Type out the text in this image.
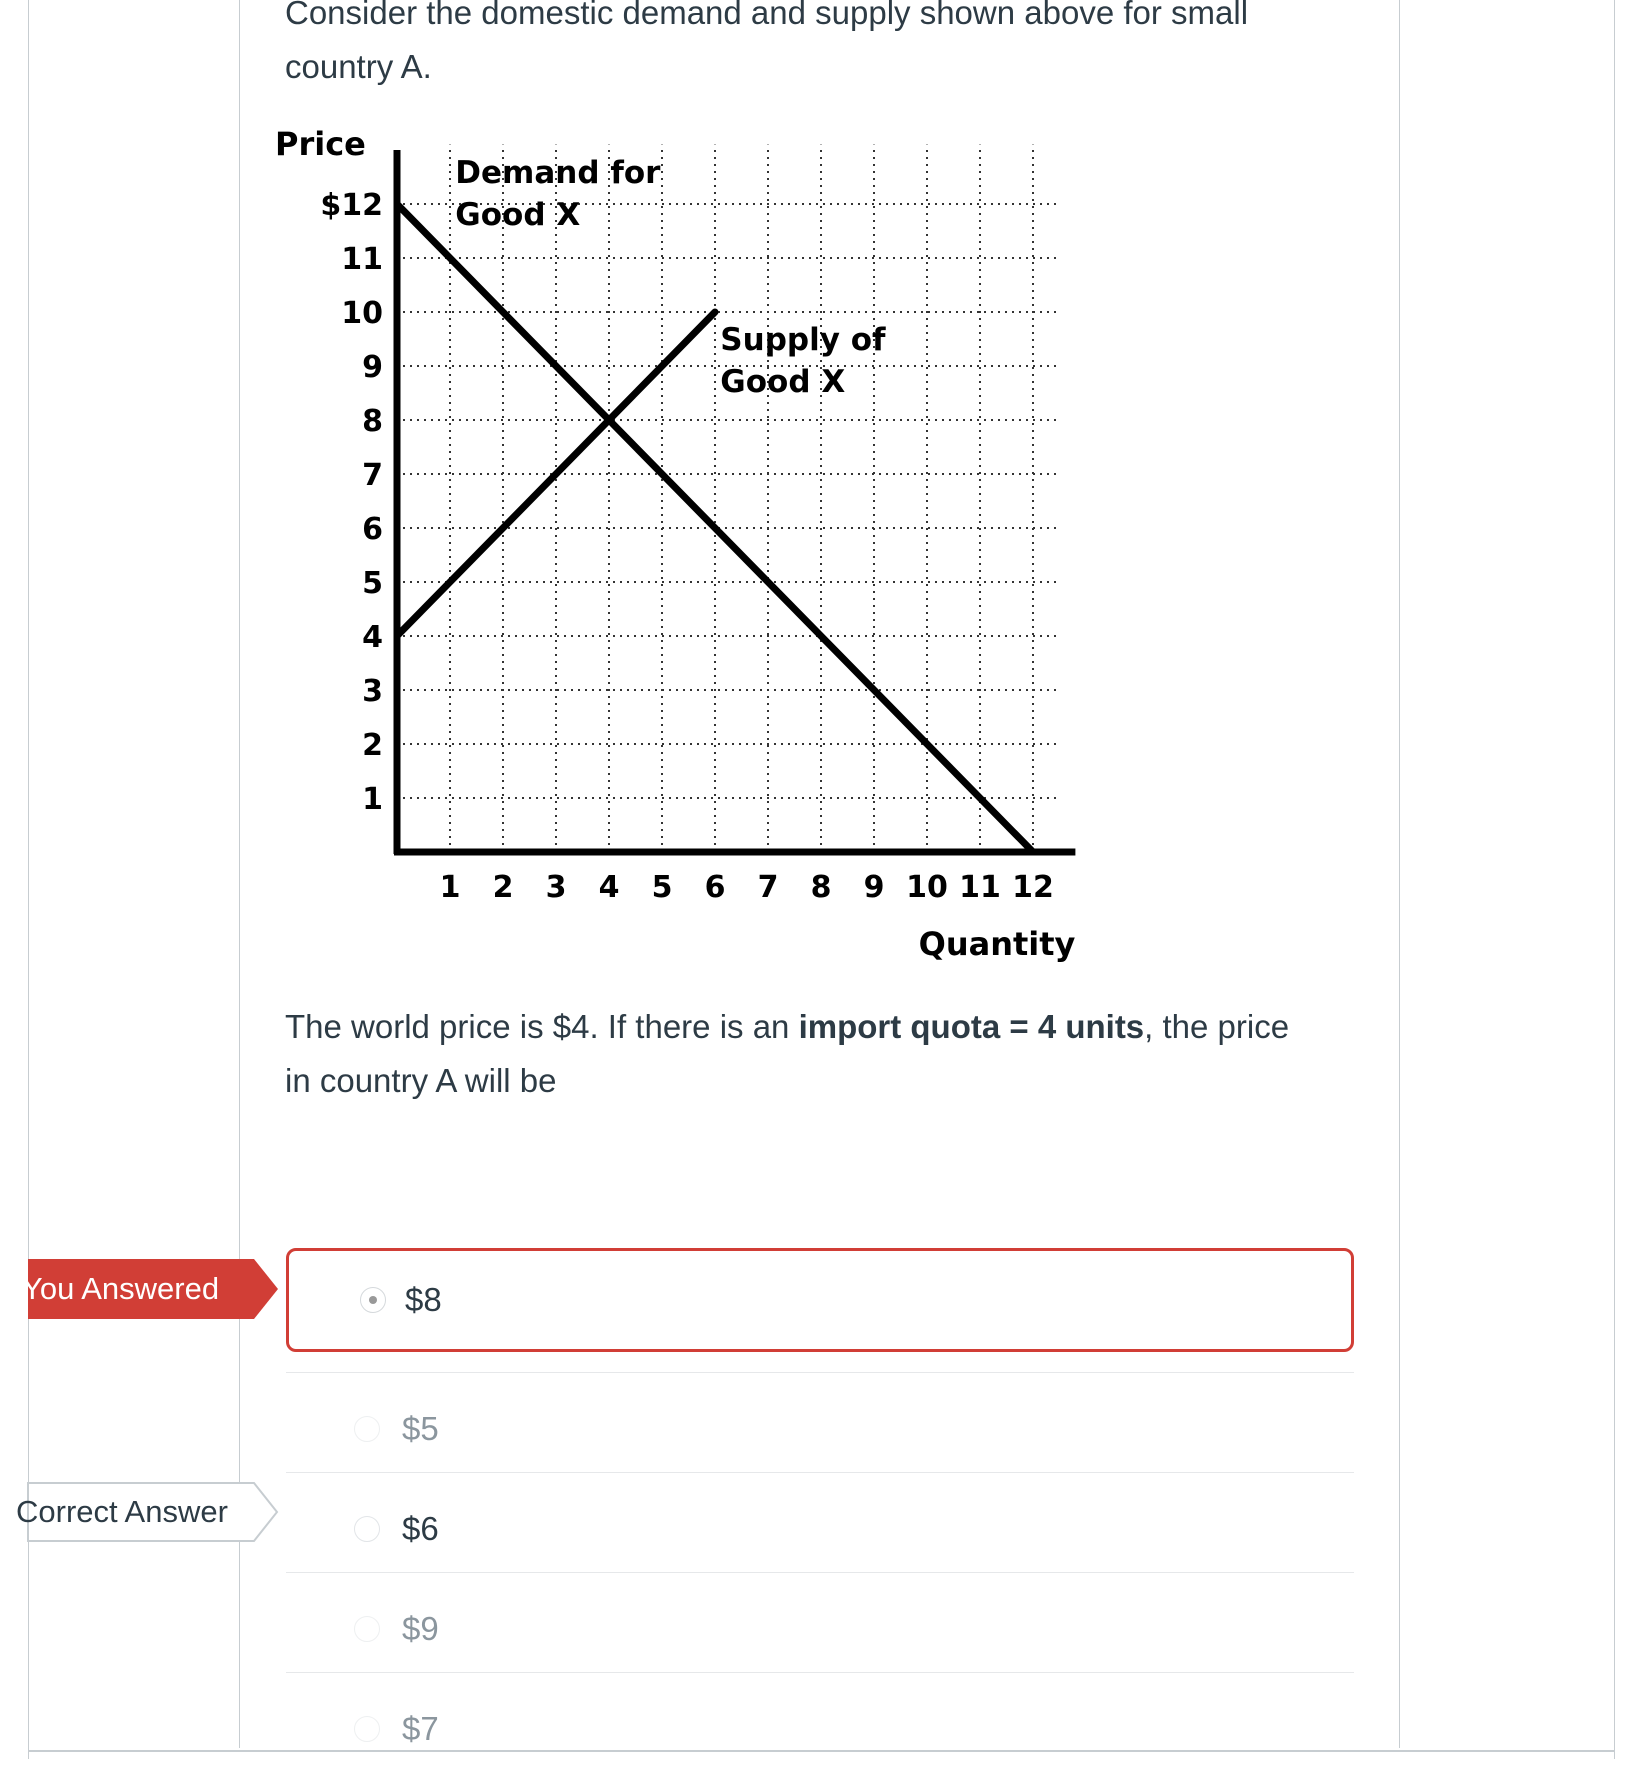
Consider the domestic demand and supply shown above for small country A.
1
2
3
4
5
6
7
8
9
10
11
$12
1 2 3 4 5 6 7 8 9 10 11 12
Price
Quantity
Demand for
Good X
Supply of
Good X
The world price is $4. If there is an import quota = 4 units, the price in country A will be
You Answered
Correct Answer
$8
$5
$6
$9
$7
